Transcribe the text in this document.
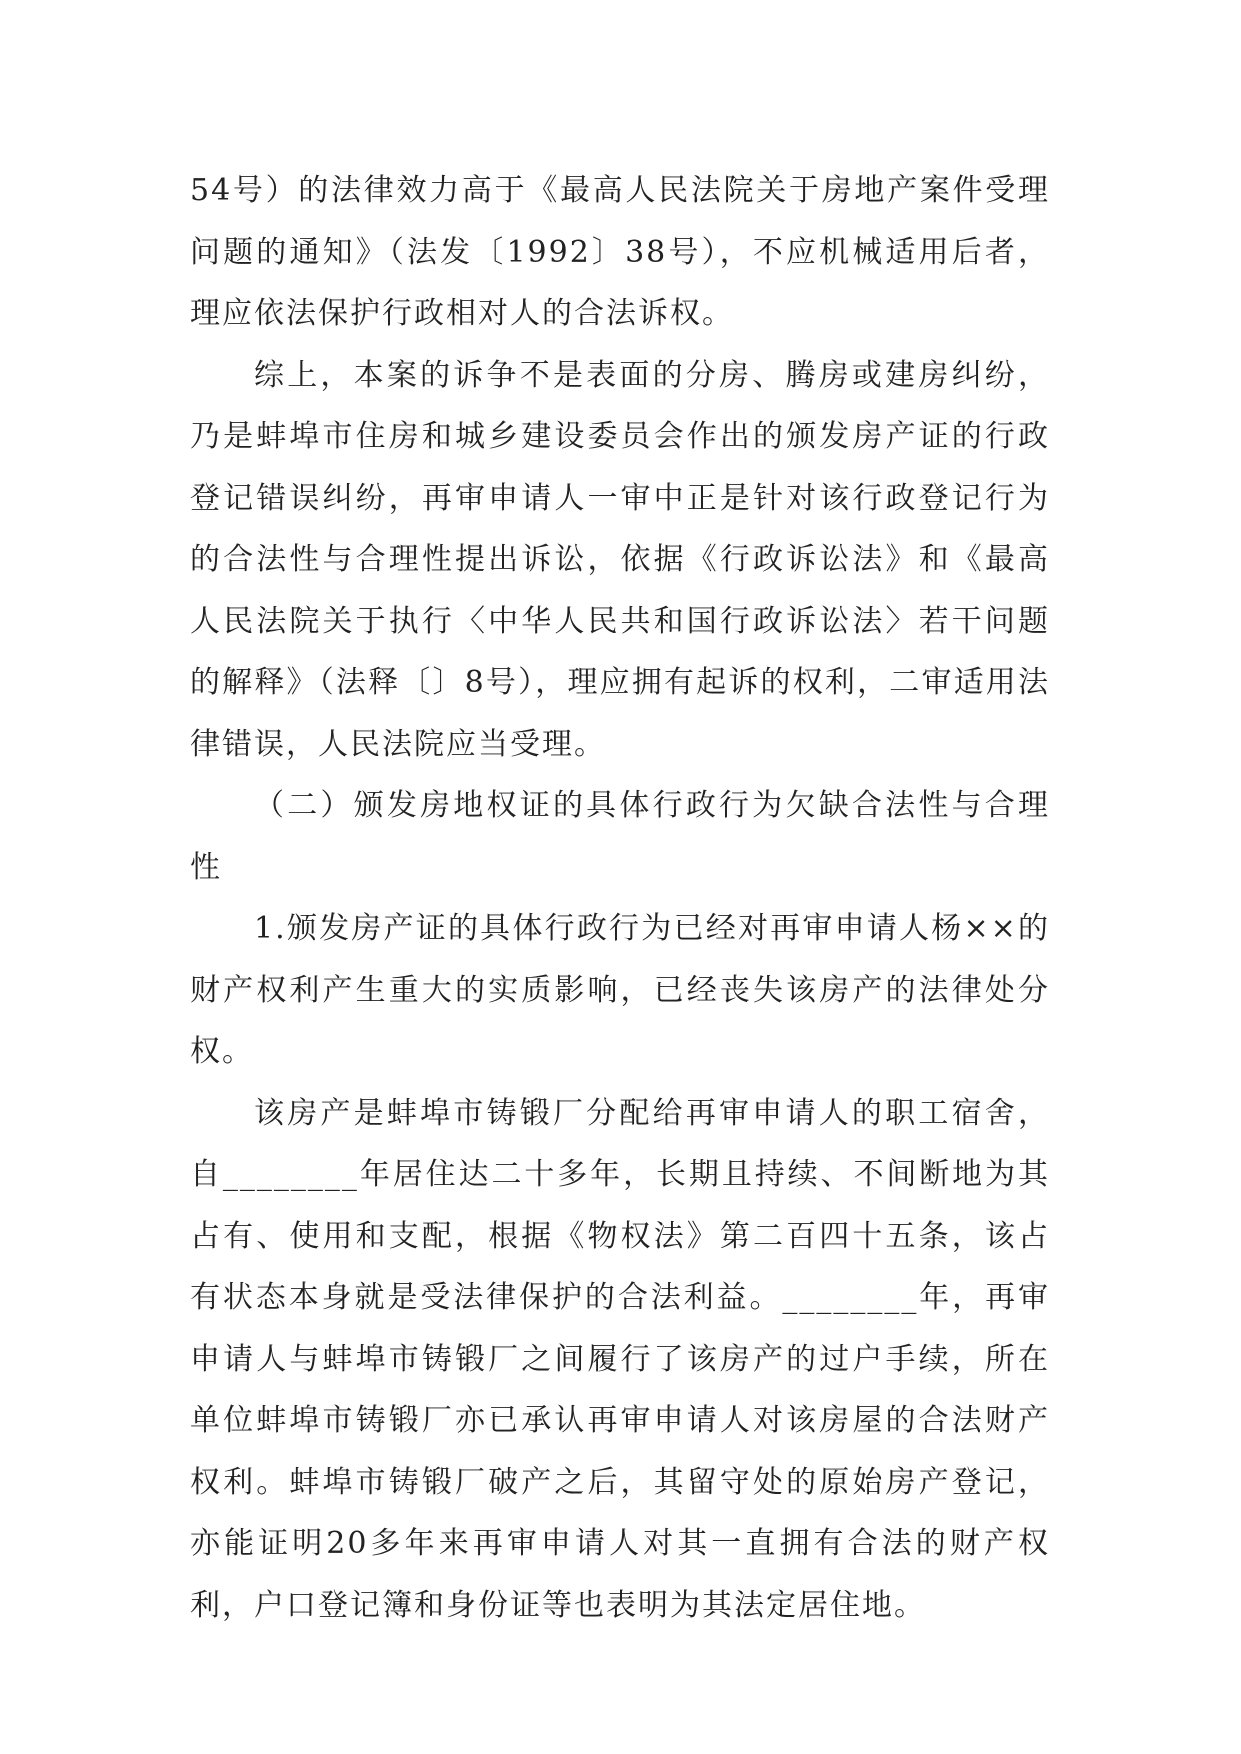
54号）的法律效力高于《最高人民法院关于房地产案件受理问题的通知》（法发〔1992〕38号），不应机械适用后者，理应依法保护行政相对人的合法诉权。

综上，本案的诉争不是表面的分房、腾房或建房纠纷，乃是蚌埠市住房和城乡建设委员会作出的颁发房产证的行政登记错误纠纷，再审申请人一审中正是针对该行政登记行为的合法性与合理性提出诉讼，依据《行政诉讼法》和《最高人民法院关于执行〈中华人民共和国行政诉讼法〉若干问题的解释》（法释〔〕8号），理应拥有起诉的权利，二审适用法律错误，人民法院应当受理。

（二）颁发房地权证的具体行政行为欠缺合法性与合理性

1.颁发房产证的具体行政行为已经对再审申请人杨××的财产权利产生重大的实质影响，已经丧失该房产的法律处分权。

该房产是蚌埠市铸锻厂分配给再审申请人的职工宿舍，自________年居住达二十多年，长期且持续、不间断地为其占有、使用和支配，根据《物权法》第二百四十五条，该占有状态本身就是受法律保护的合法利益。________年，再审申请人与蚌埠市铸锻厂之间履行了该房产的过户手续，所在单位蚌埠市铸锻厂亦已承认再审申请人对该房屋的合法财产权利。蚌埠市铸锻厂破产之后，其留守处的原始房产登记，亦能证明20多年来再审申请人对其一直拥有合法的财产权利，户口登记簿和身份证等也表明为其法定居住地。
